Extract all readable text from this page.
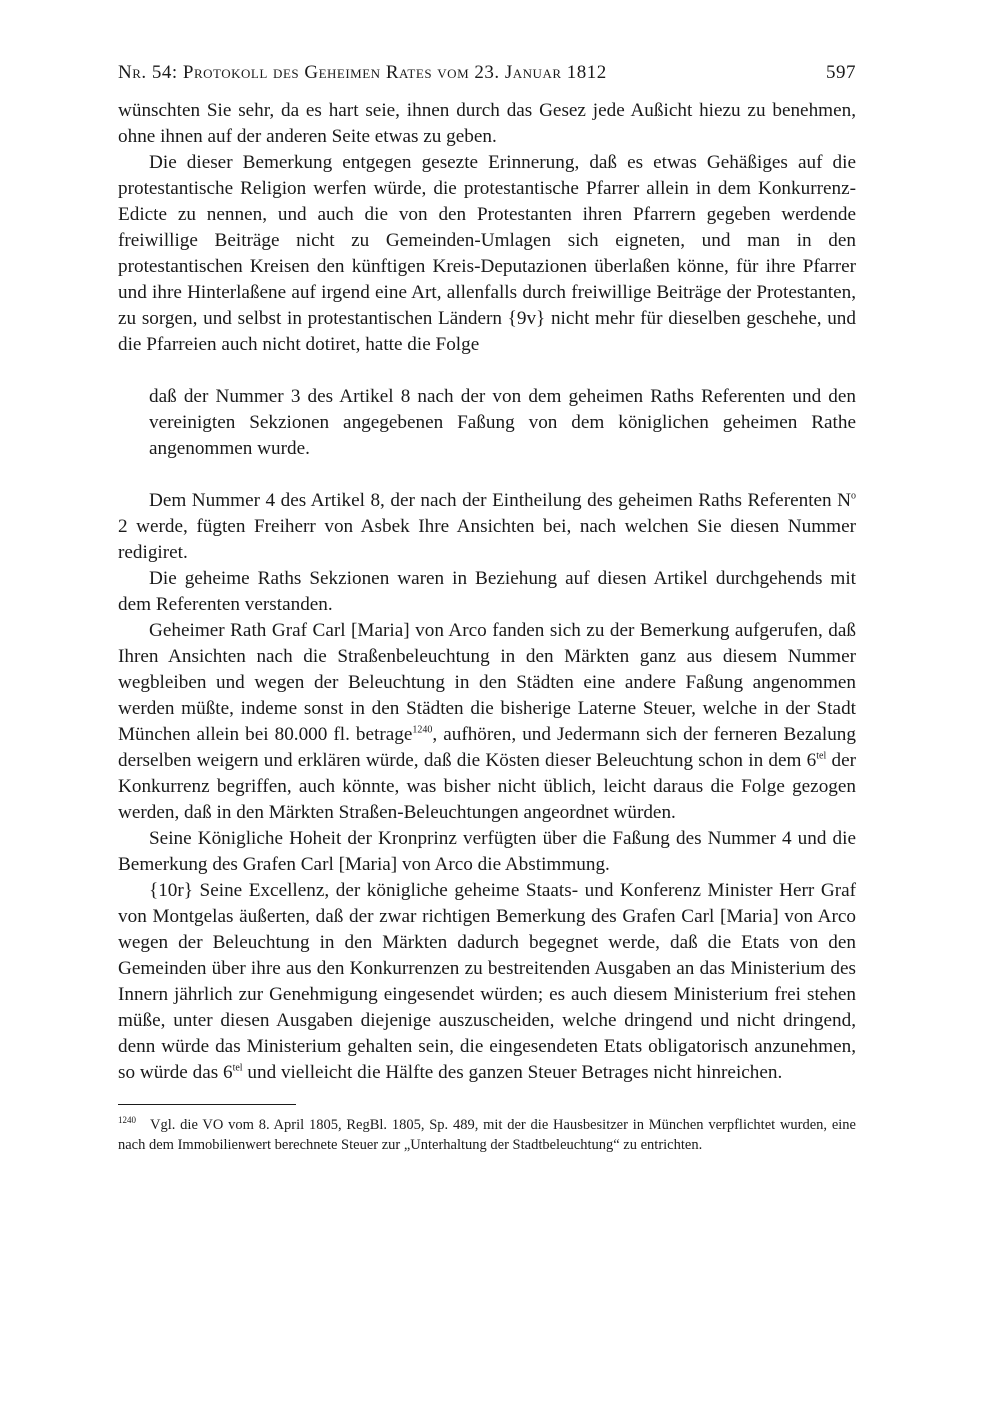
Nr. 54: Protokoll des Geheimen Rates vom 23. Januar 1812	597

wünschten Sie sehr, da es hart seie, ihnen durch das Gesez jede Außicht hiezu zu benehmen, ohne ihnen auf der anderen Seite etwas zu geben.

Die dieser Bemerkung entgegen gesezte Erinnerung, daß es etwas Gehäßiges auf die protestantische Religion werfen würde, die protestantische Pfarrer allein in dem Konkurrenz-Edicte zu nennen, und auch die von den Protestanten ihren Pfarrern gegeben werdende freiwillige Beiträge nicht zu Gemeinden-Umlagen sich eigneten, und man in den protestantischen Kreisen den künftigen Kreis-Deputazionen überlaßen könne, für ihre Pfarrer und ihre Hinterlaßene auf irgend eine Art, allenfalls durch freiwillige Beiträge der Protestanten, zu sorgen, und selbst in protestantischen Ländern {9v} nicht mehr für dieselben geschehe, und die Pfarreien auch nicht dotiret, hatte die Folge

daß der Nummer 3 des Artikel 8 nach der von dem geheimen Raths Referenten und den vereinigten Sekzionen angegebenen Faßung von dem königlichen geheimen Rathe angenommen wurde.

Dem Nummer 4 des Artikel 8, der nach der Eintheilung des geheimen Raths Referenten $N^o$ 2 werde, fügten Freiherr von Asbek Ihre Ansichten bei, nach welchen Sie diesen Nummer redigiret.

Die geheime Raths Sekzionen waren in Beziehung auf diesen Artikel durchgehends mit dem Referenten verstanden.

Geheimer Rath Graf Carl [Maria] von Arco fanden sich zu der Bemerkung aufgerufen, daß Ihren Ansichten nach die Straßenbeleuchtung in den Märkten ganz aus diesem Nummer wegbleiben und wegen der Beleuchtung in den Städten eine andere Faßung angenommen werden müßte, indeme sonst in den Städten die bisherige Laterne Steuer, welche in der Stadt München allein bei 80.000 fl. betrage$^{1240}$, aufhören, und Jedermann sich der ferneren Bezalung derselben weigern und erklären würde, daß die Kösten dieser Beleuchtung schon in dem $6^{tel}$ der Konkurrenz begriffen, auch könnte, was bisher nicht üblich, leicht daraus die Folge gezogen werden, daß in den Märkten Straßen-Beleuchtungen angeordnet würden.

Seine Königliche Hoheit der Kronprinz verfügten über die Faßung des Nummer 4 und die Bemerkung des Grafen Carl [Maria] von Arco die Abstimmung.

{10r} Seine Excellenz, der königliche geheime Staats- und Konferenz Minister Herr Graf von Montgelas äußerten, daß der zwar richtigen Bemerkung des Grafen Carl [Maria] von Arco wegen der Beleuchtung in den Märkten dadurch begegnet werde, daß die Etats von den Gemeinden über ihre aus den Konkurrenzen zu bestreitenden Ausgaben an das Ministerium des Innern jährlich zur Genehmigung eingesendet würden; es auch diesem Ministerium frei stehen müße, unter diesen Ausgaben diejenige auszuscheiden, welche dringend und nicht dringend, denn würde das Ministerium gehalten sein, die eingesendeten Etats obligatorisch anzunehmen, so würde das $6^{tel}$ und vielleicht die Hälfte des ganzen Steuer Betrages nicht hinreichen.

$^{1240}$ Vgl. die VO vom 8. April 1805, RegBl. 1805, Sp. 489, mit der die Hausbesitzer in München verpflichtet wurden, eine nach dem Immobilienwert berechnete Steuer zur „Unterhaltung der Stadtbeleuchtung“ zu entrichten.
